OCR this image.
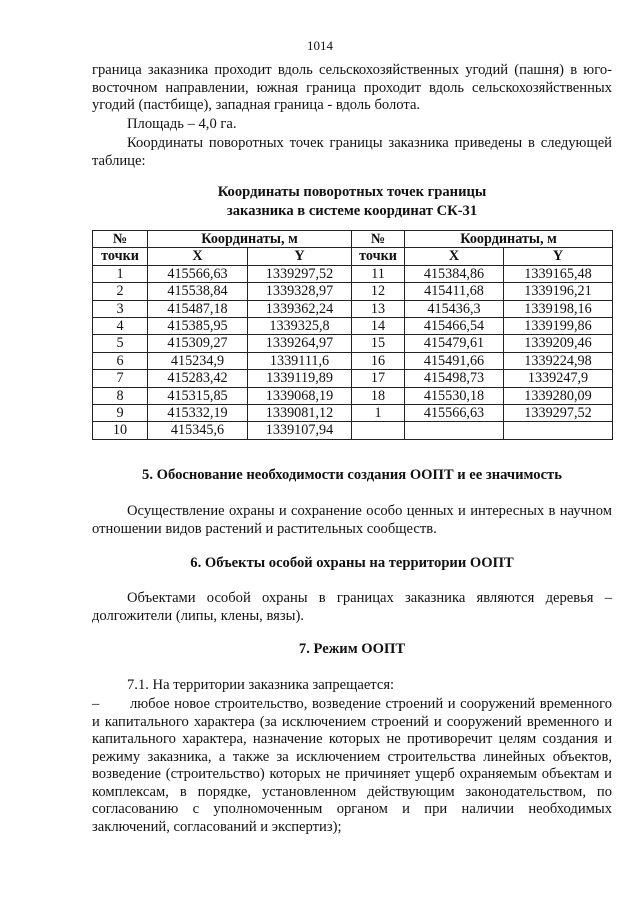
1014

граница заказника проходит вдоль сельскохозяйственных угодий (пашня) в юго-восточном направлении, южная граница проходит вдоль сельскохозяйственных угодий (пастбище), западная граница - вдоль болота.

Площадь – 4,0 га.

Координаты поворотных точек границы заказника приведены в следующей таблице:

Координаты поворотных точек границы
заказника в системе координат СК-31
№	Координаты, м		№	Координаты, м	
точки	X	Y	точки	X	Y
1	415566,63	1339297,52	11	415384,86	1339165,48
2	415538,84	1339328,97	12	415411,68	1339196,21
3	415487,18	1339362,24	13	415436,3	1339198,16
4	415385,95	1339325,8	14	415466,54	1339199,86
5	415309,27	1339264,97	15	415479,61	1339209,46
6	415234,9	1339111,6	16	415491,66	1339224,98
7	415283,42	1339119,89	17	415498,73	1339247,9
8	415315,85	1339068,19	18	415530,18	1339280,09
9	415332,19	1339081,12	1	415566,63	1339297,52
10	415345,6	1339107,94			
5. Обоснование необходимости создания ООПТ и ее значимость

Осуществление охраны и сохранение особо ценных и интересных в научном отношении видов растений и растительных сообществ.

6. Объекты особой охраны на территории ООПТ

Объектами особой охраны в границах заказника являются деревья – долгожители (липы, клены, вязы).

7. Режим ООПТ

7.1. На территории заказника запрещается:

– любое новое строительство, возведение строений и сооружений временного и капитального характера (за исключением строений и сооружений временного и капитального характера, назначение которых не противоречит целям создания и режиму заказника, а также за исключением строительства линейных объектов, возведение (строительство) которых не причиняет ущерб охраняемым объектам и комплексам, в порядке, установленном действующим законодательством, по согласованию с уполномоченным органом и при наличии необходимых заключений, согласований и экспертиз);
